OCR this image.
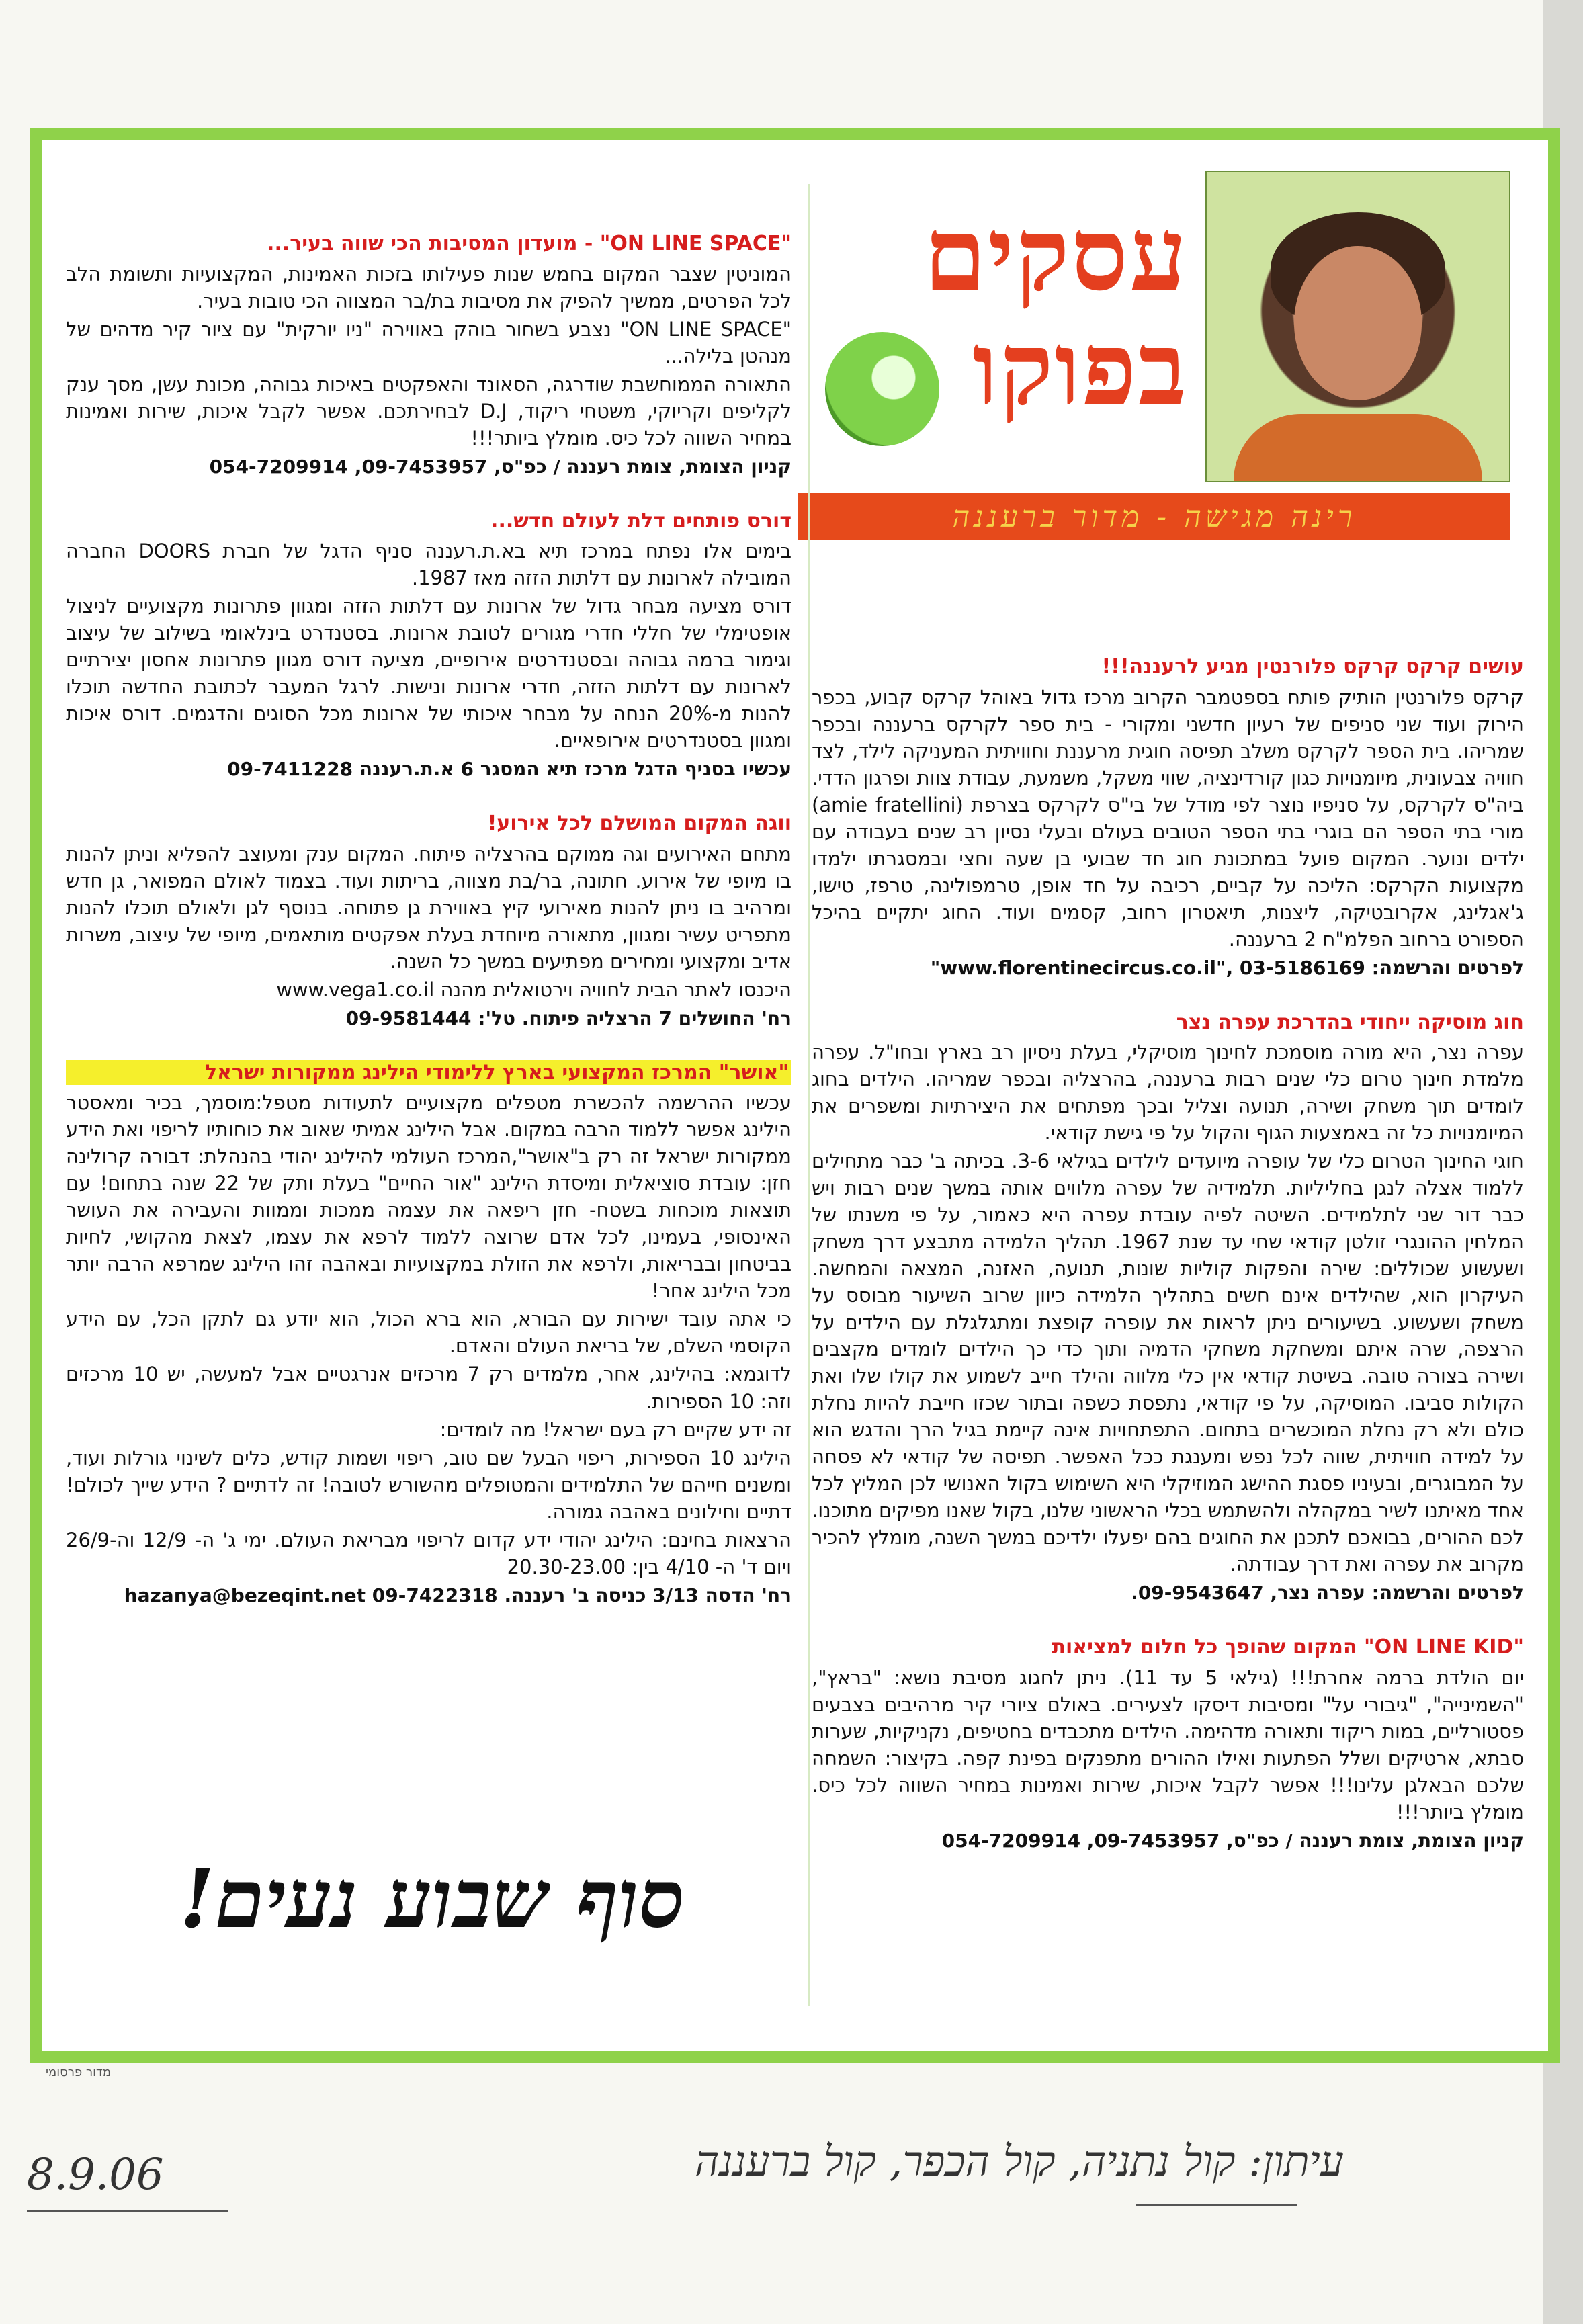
עסקים
בפוקו
רינה מגישה - מדור ברעננה
עושים קרקס קרקס פלורנטין מגיע לרעננה!!!

קרקס פלורנטין הותיק פותח בספטמבר הקרוב מרכז גדול באוהל קרקס קבוע, בכפר הירוק ועוד שני סניפים של רעיון חדשני ומקורי - בית ספר לקרקס ברעננה ובכפר שמריהו. בית הספר לקרקס משלב תפיסה חוגית מרעננת וחוויתית המעניקה לילד, לצד חוויה צבעונית, מיומנויות כגון קורדינציה, שווי משקל, משמעת, עבודת צוות ופרגון הדדי. ביה"ס לקרקס, על סניפיו נוצר לפי מודל של בי"ס לקרקס בצרפת (amie fratellini) מורי בתי הספר הם בוגרי בתי הספר הטובים בעולם ובעלי נסיון רב שנים בעבודה עם ילדים ונוער. המקום פועל במתכונת חוג חד שבועי בן שעה וחצי ובמסגרתו ילמדו מקצועות הקרקס: הליכה על קביים, רכיבה על חד אופן, טרמפולינה, טרפז, טישו, ג'אגלינג, אקרובטיקה, ליצנות, תיאטרון רחוב, קסמים ועוד. החוג יתקיים בהיכל הספורט ברחוב הפלמ"ח 2 ברעננה.

לפרטים והרשמה: 03-5186169 ,"www.florentinecircus.co.il"
חוג מוסיקה ייחודי בהדרכת עפרה נצר

עפרה נצר, היא מורה מוסמכת לחינוך מוסיקלי, בעלת ניסיון רב בארץ ובחו"ל. עפרה מלמדת חינוך טרום כלי שנים רבות ברעננה, בהרצליה ובכפר שמריהו. הילדים בחוג לומדים תוך משחק ושירה, תנועה וצליל ובכך מפתחים את היצירתיות ומשפרים את המיומנויות כל זה באמצעות הגוף והקול על פי גישת קודאי.

חוגי החינוך הטרום כלי של עופרה מיועדים לילדים בגילאי 3-6. בכיתה ב' כבר מתחילים ללמוד אצלה לנגן בחליליות. תלמידיה של עפרה מלווים אותה במשך שנים רבות ויש כבר דור שני לתלמידים. השיטה לפיה עובדת עפרה היא כאמור, על פי משנתו של המלחין ההונגרי זולטן קודאי שחי עד שנת 1967. תהליך הלמידה מתבצע דרך משחק ושעשוע שכוללים: שירה והפקות קוליות שונות, תנועה, האזנה, המצאה והמחשה. העיקרון הוא, שהילדים אינם חשים בתהליך הלמידה כיוון שרוב השיעור מבוסס על משחק ושעשוע. בשיעורים ניתן לראות את עופרה קופצת ומתגלגלת עם הילדים על הרצפה, שרה איתם ומשחקת משחקי הדמיה ותוך כדי כך הילדים לומדים מקצבים ושירה בצורה טובה. בשיטת קודאי אין כלי מלווה והילד חייב לשמוע את קולו שלו ואת הקולות סביבו. המוסיקה, על פי קודאי, נתפסת כשפה ובתור שכזו חייבת להיות נחלת כולם ולא רק נחלת המוכשרים בתחום. התפתחויות אינה קיימת בגיל הרך והדגש הוא על למידה חוויתית, שווה לכל נפש ומענגת ככל האפשר. תפיסה של קודאי לא פסחה על המבוגרים, ובעיניו פסגת ההישג המוזיקלי היא השימוש בקול האנושי לכן המליץ לכל אחד מאיתנו לשיר במקהלה ולהשתמש בכלי הראשוני שלנו, בקול שאנו מפיקים מתוכנו. לכם ההורים, בבואכם לתכנן את החוגים בהם יפעלו ילדיכם במשך השנה, מומלץ להכיר מקרוב את עפרה ואת דרך עבודתה.

לפרטים והרשמה: עפרה נצר, 09-9543647.
"ON LINE KID" המקום שהופך כל חלום למציאות

יום הולדת ברמה אחרת!!! (גילאי 5 עד 11). ניתן לחגוג מסיבת נושא: "בראץ", "השמינייה", "גיבורי על" ומסיבות דיסקו לצעירים. באולם ציורי קיר מרהיבים בצבעים פסטורליים, במות ריקוד ותאורה מדהימה. הילדים מתכבדים בחטיפים, נקניקיות, שערות סבתא, ארטיקים ושלל הפתעות ואילו ההורים מתפנקים בפינת קפה. בקיצור: השמחה שלכם הבאלגן עלינו!!! אפשר לקבל איכות, שירות ואמינות במחיר השווה לכל כיס. מומלץ ביותר!!!

קניון הצומת, צומת רעננה / כפ"ס, 09-7453957, 054-7209914
"ON LINE SPACE" - מועדון המסיבות הכי שווה בעיר...

המוניטין שצבר המקום בחמש שנות פעילותו בזכות האמינות, המקצועיות ותשומת הלב לכל הפרטים, ממשיך להפיק את מסיבות בת/בר המצווה הכי טובות בעיר.

"ON LINE SPACE" נצבע בשחור בוהק באווירה "ניו יורקית" עם ציור קיר מדהים של מנהטן בלילה...

התאורה הממוחשבת שודרגה, הסאונד והאפקטים באיכות גבוהה, מכונת עשן, מסך ענק לקליפים וקריוקי, משטחי ריקוד, D.J לבחירתכם. אפשר לקבל איכות, שירות ואמינות במחיר השווה לכל כיס. מומלץ ביותר!!!

קניון הצומת, צומת רעננה / כפ"ס, 09-7453957, 054-7209914
דורס פותחים דלת לעולם חדש...

בימים אלו נפתח במרכז תיא בא.ת.רעננה סניף הדגל של חברת DOORS החברה המובילה לארונות עם דלתות הזזה מאז 1987.

דורס מציעה מבחר גדול של ארונות עם דלתות הזזה ומגוון פתרונות מקצועיים לניצול אופטימלי של חללי חדרי מגורים לטובת ארונות. בסטנדרט בינלאומי בשילוב של עיצוב וגימור ברמה גבוהה ובסטנדרטים אירופיים, מציעה דורס מגוון פתרונות אחסון יצירתיים לארונות עם דלתות הזזה, חדרי ארונות ונישות. לרגל המעבר לכתובת החדשה תוכלו להנות מ-20% הנחה על מבחר איכותי של ארונות מכל הסוגים והדגמים. דורס איכות ומגוון בסטנדרטים אירופאיים.

עכשיו בסניף הדגל מרכז תיא המסגר 6 א.ת.רעננה 09-7411228
ווגה המקום המושלם לכל אירוע!

מתחם האירועים וגה ממוקם בהרצליה פיתוח. המקום ענק ומעוצב להפליא וניתן להנות בו מיופי של אירוע. חתונה, בר/בת מצווה, בריתות ועוד. בצמוד לאולם המפואר, גן חדש ומרהיב בו ניתן להנות מאירועי קיץ באווירת גן פתוחה. בנוסף לגן ולאולם תוכלו להנות מתפריט עשיר ומגוון, מתאורה מיוחדת בעלת אפקטים מותאמים, מיופי של עיצוב, משרות אדיב ומקצועי ומחירים מפתיעים במשך כל השנה.

היכנסו לאתר הבית לחוויה וירטואלית מהנה www.vega1.co.il

רח' החושלים 7 הרצליה פיתוח. טל': 09-9581444
"אושר" המרכז המקצועי בארץ ללימודי הילינג ממקורות ישראל

עכשיו ההרשמה להכשרת מטפלים מקצועיים לתעודות מטפל:מוסמך, בכיר ומאסטר הילינג אפשר ללמוד הרבה במקום. אבל הילינג אמיתי שאוב את כוחותיו לריפוי ואת הידע ממקורות ישראל זה רק ב"אושר",המרכז העולמי להילינג יהודי בהנהלת: דבורה קרולינה חזן: עובדת סוציאלית ומיסדת הילינג "אור החיים" בעלת ותק של 22 שנה בתחום! עם תוצאות מוכחות בשטח- חזן ריפאה את עצמה ממכות וממוות והעבירה את העושר האינסופי, בעמינו, לכל אדם שרוצה ללמוד לרפא את עצמו, לצאת מהקושי, לחיות בביטחון ובבריאות, ולרפא את הזולת במקצועיות ובאהבה זהו הילינג שמרפא הרבה יותר מכל הילינג אחר!

כי אתה עובד ישירות עם הבורא, הוא ברא הכול, הוא יודע גם לתקן הכל, עם הידע הקוסמי השלם, של בריאת העולם והאדם.

לדוגמא: בהילינג, אחר, מלמדים רק 7 מרכזים אנרגטיים אבל למעשה, יש 10 מרכזים וזה: 10 הספירות.

זה ידע שקיים רק בעם ישראל! מה לומדים:

הילינג 10 הספירות, ריפוי הבעל שם טוב, ריפוי ושמות קודש, כלים לשינוי גורלות ועוד, ומשנים חייהם של התלמידים והמטופלים מהשורש לטובה! זה לדתיים ? הידע שייך לכולם! דתיים וחילונים באהבה גמורה.

הרצאות בחינם: הילינג יהודי ידע קדום לריפוי מבריאת העולם. ימי ג' ה- 12/9 וה-26/9 ויום ד' ה- 4/10 בין: 20.30-23.00

רח' הדסה 3/13 כניסה ב' רעננה. 09-7422318 hazanya@bezeqint.net
סוף שבוע נעים!
מדור פרסומי
8.9.06	עיתון: קול נתניה, קול הכפר, קול ברעננה
